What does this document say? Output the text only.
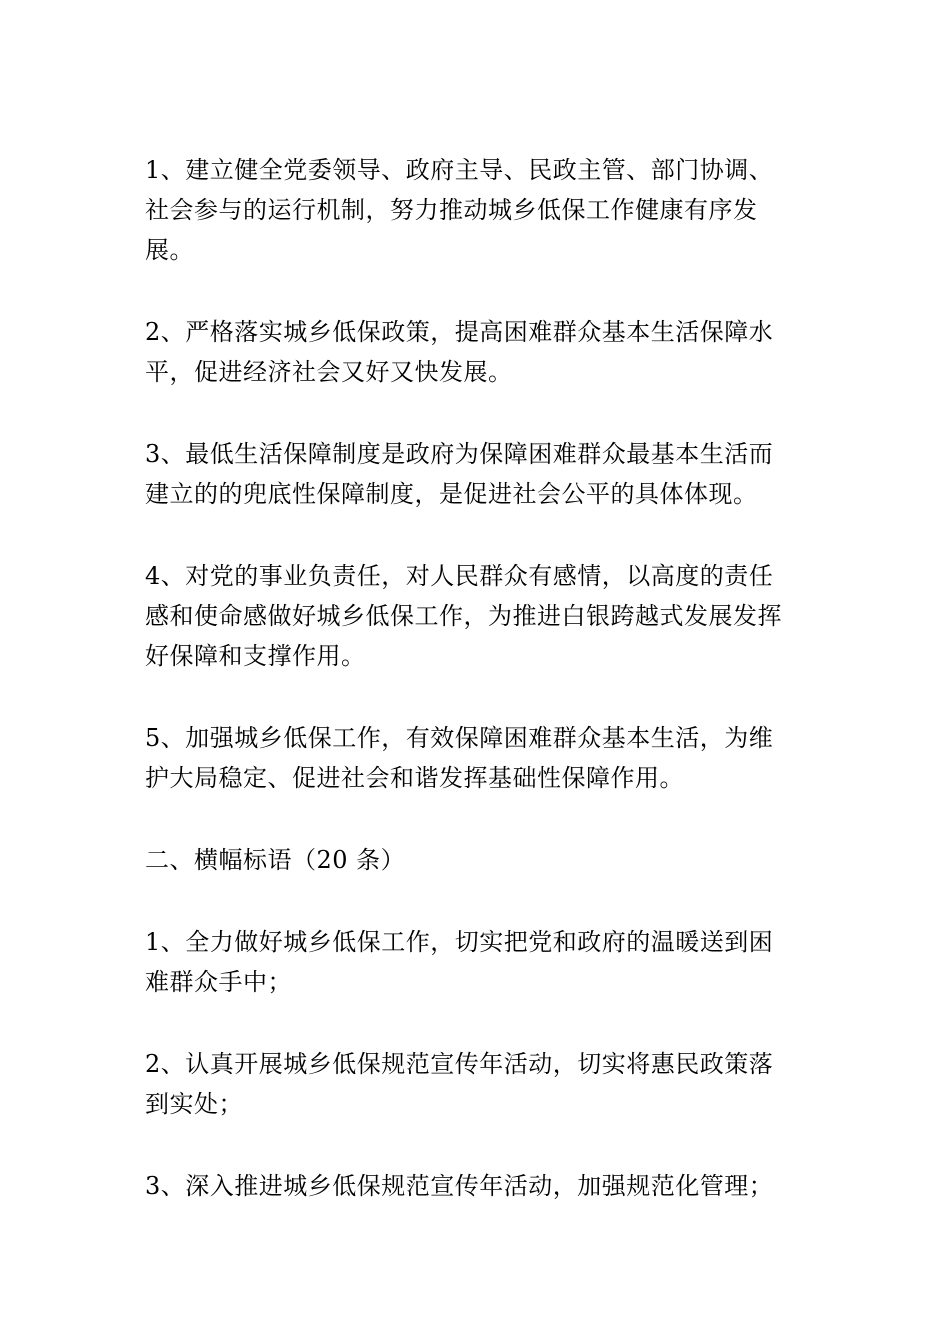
1、建立健全党委领导、政府主导、民政主管、部门协调、
社会参与的运行机制，努力推动城乡低保工作健康有序发
展。

2、严格落实城乡低保政策，提高困难群众基本生活保障水
平，促进经济社会又好又快发展。

3、最低生活保障制度是政府为保障困难群众最基本生活而
建立的的兜底性保障制度，是促进社会公平的具体体现。

4、对党的事业负责任，对人民群众有感情，以高度的责任
感和使命感做好城乡低保工作，为推进白银跨越式发展发挥
好保障和支撑作用。

5、加强城乡低保工作，有效保障困难群众基本生活，为维
护大局稳定、促进社会和谐发挥基础性保障作用。

二、横幅标语（20 条）

1、全力做好城乡低保工作，切实把党和政府的温暖送到困
难群众手中；

2、认真开展城乡低保规范宣传年活动，切实将惠民政策落
到实处；

3、深入推进城乡低保规范宣传年活动，加强规范化管理；
